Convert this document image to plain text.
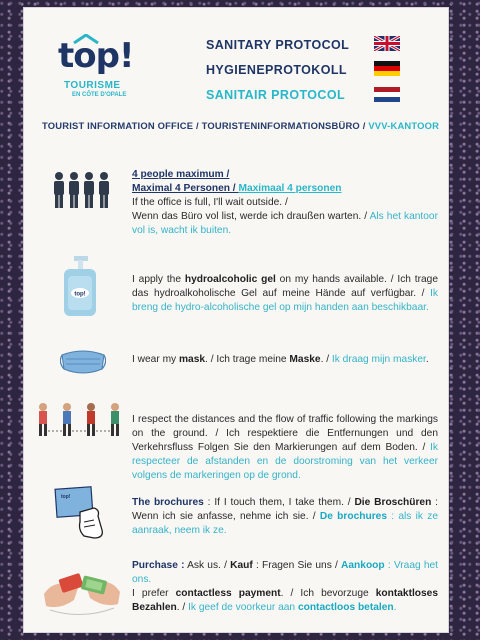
top!
TOURISME
EN CÔTE D'OPALE
SANITARY PROTOCOL
HYGIENEPROTOKOLL
SANITAIR PROTOCOL
TOURIST INFORMATION OFFICE / TOURISTENINFORMATIONSBÜRO / VVV-KANTOOR
4 people maximum /
Maximal 4 Personen / Maximaal 4 personen
If the office is full, I'll wait outside. /
Wenn das Büro vol list, werde ich draußen warten. / Als het kantoor vol is, wacht ik buiten.
top!
I apply the hydroalcoholic gel on my hands available. / Ich trage das hydroalkoholische Gel auf meine Hände auf verfügbar. / Ik breng de hydro-alcoholische gel op mijn handen aan beschikbaar.
I wear my mask. / Ich trage meine Maske. / Ik draag mijn masker.
I respect the distances and the flow of traffic following the markings on the ground. / Ich respektiere die Entfernungen und den Verkehrsfluss Folgen Sie den Markierungen auf dem Boden. / Ik respecteer de afstanden en de doorstroming van het verkeer volgens de markeringen op de grond.
top!	The brochures : If I touch them, I take them. / Die Broschüren : Wenn ich sie anfasse, nehme ich sie. / De brochures : als ik ze aanraak, neem ik ze.
Purchase : Ask us. / Kauf : Fragen Sie uns / Aankoop : Vraag het ons.
I prefer contactless payment. / Ich bevorzuge kontaktloses Bezahlen. / Ik geef de voorkeur aan contactloos betalen.
